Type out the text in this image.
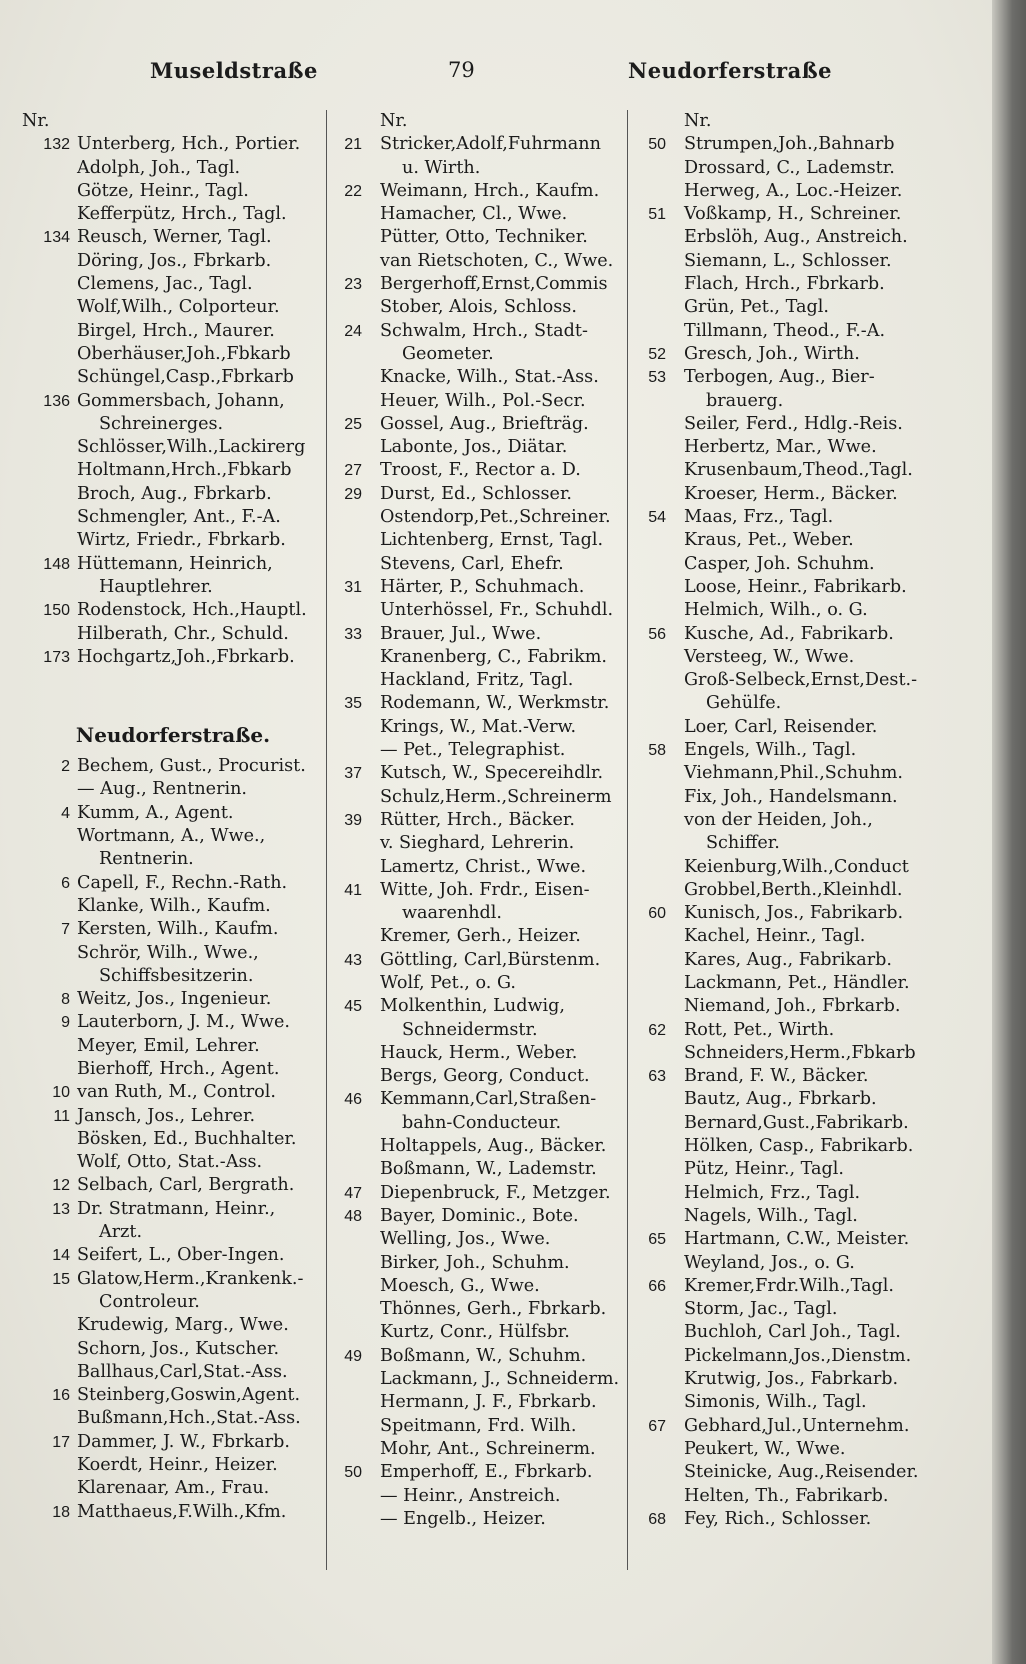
Museldstraße	79	Neudorferstraße
Nr.
132 Unterberg, Hch., Portier.
Adolph, Joh., Tagl.
Götze, Heinr., Tagl.
Kefferpütz, Hrch., Tagl.
134 Reusch, Werner, Tagl.
Döring, Jos., Fbrkarb.
Clemens, Jac., Tagl.
Wolf,Wilh., Colporteur.
Birgel, Hrch., Maurer.
Oberhäuser,Joh.,Fbkarb
Schüngel,Casp.,Fbrkarb
136 Gommersbach, Johann,
Schreinerges.
Schlösser,Wilh.,Lackirerg
Holtmann,Hrch.,Fbkarb
Broch, Aug., Fbrkarb.
Schmengler, Ant., F.-A.
Wirtz, Friedr., Fbrkarb.
148 Hüttemann, Heinrich,
Hauptlehrer.
150 Rodenstock, Hch.,Hauptl.
Hilberath, Chr., Schuld.
173 Hochgartz,Joh.,Fbrkarb.
Neudorferstraße.
2 Bechem, Gust., Procurist.
— Aug., Rentnerin.
4 Kumm, A., Agent.
Wortmann, A., Wwe.,
Rentnerin.
6 Capell, F., Rechn.-Rath.
Klanke, Wilh., Kaufm.
7 Kersten, Wilh., Kaufm.
Schrör, Wilh., Wwe.,
Schiffsbesitzerin.
8 Weitz, Jos., Ingenieur.
9 Lauterborn, J. M., Wwe.
Meyer, Emil, Lehrer.
Bierhoff, Hrch., Agent.
10 van Ruth, M., Control.
11 Jansch, Jos., Lehrer.
Bösken, Ed., Buchhalter.
Wolf, Otto, Stat.-Ass.
12 Selbach, Carl, Bergrath.
13 Dr. Stratmann, Heinr.,
Arzt.
14 Seifert, L., Ober-Ingen.
15 Glatow,Herm.,Krankenk.-
Controleur.
Krudewig, Marg., Wwe.
Schorn, Jos., Kutscher.
Ballhaus,Carl,Stat.-Ass.
16 Steinberg,Goswin,Agent.
Bußmann,Hch.,Stat.-Ass.
17 Dammer, J. W., Fbrkarb.
Koerdt, Heinr., Heizer.
Klarenaar, Am., Frau.
18 Matthaeus,F.Wilh.,Kfm.
Nr.
21	Stricker,Adolf,Fuhrmann
u. Wirth.
22	Weimann, Hrch., Kaufm.
Hamacher, Cl., Wwe.
Pütter, Otto, Techniker.
van Rietschoten, C., Wwe.
23	Bergerhoff,Ernst,Commis
Stober, Alois, Schloss.
24	Schwalm, Hrch., Stadt-
Geometer.
Knacke, Wilh., Stat.-Ass.
Heuer, Wilh., Pol.-Secr.
25	Gossel, Aug., Briefträg.
Labonte, Jos., Diätar.
27	Troost, F., Rector a. D.
29	Durst, Ed., Schlosser.
Ostendorp,Pet.,Schreiner.
Lichtenberg, Ernst, Tagl.
Stevens, Carl, Ehefr.
31	Härter, P., Schuhmach.
Unterhössel, Fr., Schuhdl.
33	Brauer, Jul., Wwe.
Kranenberg, C., Fabrikm.
Hackland, Fritz, Tagl.
35	Rodemann, W., Werkmstr.
Krings, W., Mat.-Verw.
— Pet., Telegraphist.
37	Kutsch, W., Specereihdlr.
Schulz,Herm.,Schreinerm
39	Rütter, Hrch., Bäcker.
v. Sieghard, Lehrerin.
Lamertz, Christ., Wwe.
41	Witte, Joh. Frdr., Eisen-
waarenhdl.
Kremer, Gerh., Heizer.
43	Göttling, Carl,Bürstenm.
Wolf, Pet., o. G.
45	Molkenthin, Ludwig,
Schneidermstr.
Hauck, Herm., Weber.
Bergs, Georg, Conduct.
46	Kemmann,Carl,Straßen-
bahn-Conducteur.
Holtappels, Aug., Bäcker.
Boßmann, W., Lademstr.
47	Diepenbruck, F., Metzger.
48	Bayer, Dominic., Bote.
Welling, Jos., Wwe.
Birker, Joh., Schuhm.
Moesch, G., Wwe.
Thönnes, Gerh., Fbrkarb.
Kurtz, Conr., Hülfsbr.
49	Boßmann, W., Schuhm.
Lackmann, J., Schneiderm.
Hermann, J. F., Fbrkarb.
Speitmann, Frd. Wilh.
Mohr, Ant., Schreinerm.
50	Emperhoff, E., Fbrkarb.
— Heinr., Anstreich.
— Engelb., Heizer.
Nr.
50	Strumpen,Joh.,Bahnarb
Drossard, C., Lademstr.
Herweg, A., Loc.-Heizer.
51	Voßkamp, H., Schreiner.
Erbslöh, Aug., Anstreich.
Siemann, L., Schlosser.
Flach, Hrch., Fbrkarb.
Grün, Pet., Tagl.
Tillmann, Theod., F.-A.
52	Gresch, Joh., Wirth.
53	Terbogen, Aug., Bier-
brauerg.
Seiler, Ferd., Hdlg.-Reis.
Herbertz, Mar., Wwe.
Krusenbaum,Theod.,Tagl.
Kroeser, Herm., Bäcker.
54	Maas, Frz., Tagl.
Kraus, Pet., Weber.
Casper, Joh. Schuhm.
Loose, Heinr., Fabrikarb.
Helmich, Wilh., o. G.
56	Kusche, Ad., Fabrikarb.
Versteeg, W., Wwe.
Groß-Selbeck,Ernst,Dest.-
Gehülfe.
Loer, Carl, Reisender.
58	Engels, Wilh., Tagl.
Viehmann,Phil.,Schuhm.
Fix, Joh., Handelsmann.
von der Heiden, Joh.,
Schiffer.
Keienburg,Wilh.,Conduct
Grobbel,Berth.,Kleinhdl.
60	Kunisch, Jos., Fabrikarb.
Kachel, Heinr., Tagl.
Kares, Aug., Fabrikarb.
Lackmann, Pet., Händler.
Niemand, Joh., Fbrkarb.
62	Rott, Pet., Wirth.
Schneiders,Herm.,Fbkarb
63	Brand, F. W., Bäcker.
Bautz, Aug., Fbrkarb.
Bernard,Gust.,Fabrikarb.
Hölken, Casp., Fabrikarb.
Pütz, Heinr., Tagl.
Helmich, Frz., Tagl.
Nagels, Wilh., Tagl.
65	Hartmann, C.W., Meister.
Weyland, Jos., o. G.
66	Kremer,Frdr.Wilh.,Tagl.
Storm, Jac., Tagl.
Buchloh, Carl Joh., Tagl.
Pickelmann,Jos.,Dienstm.
Krutwig, Jos., Fabrkarb.
Simonis, Wilh., Tagl.
67	Gebhard,Jul.,Unternehm.
Peukert, W., Wwe.
Steinicke, Aug.,Reisender.
Helten, Th., Fabrikarb.
68	Fey, Rich., Schlosser.
